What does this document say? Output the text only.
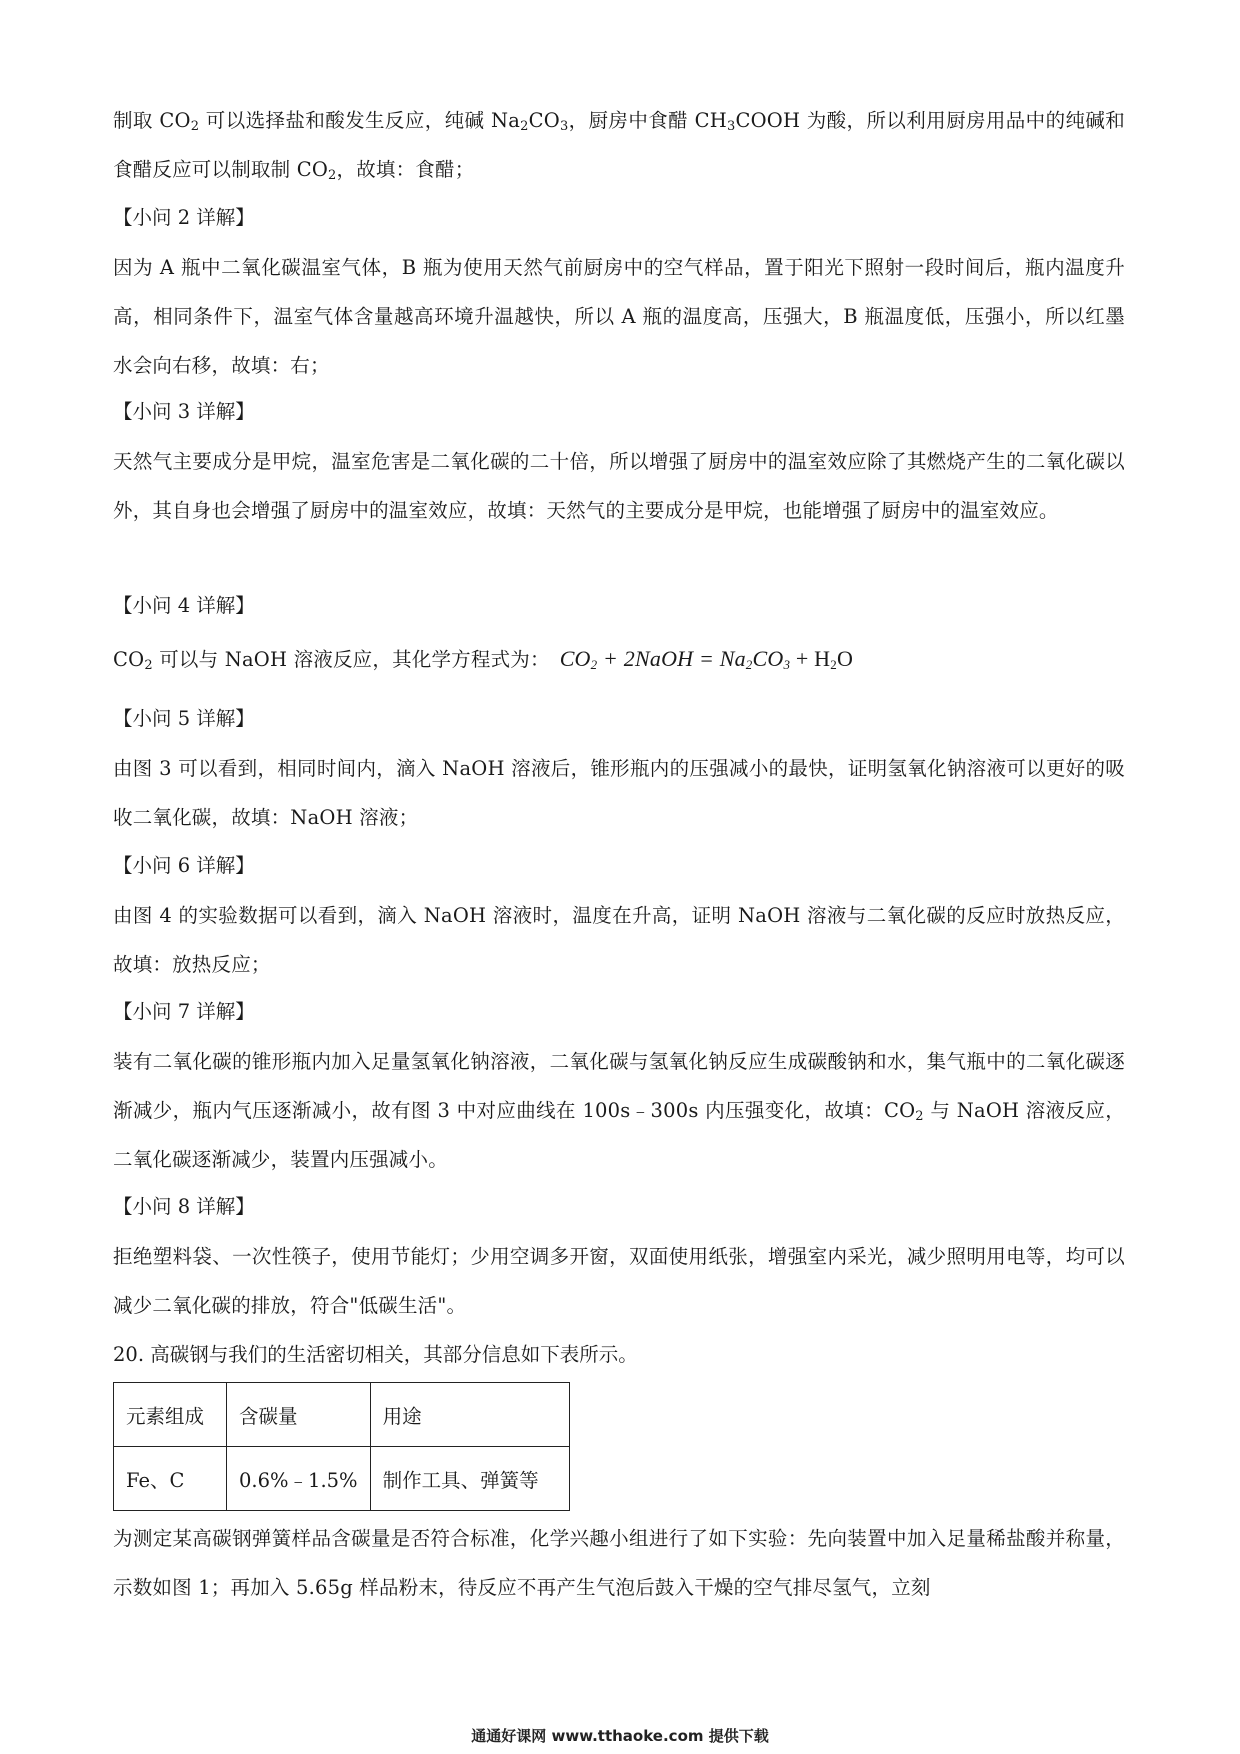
制取 $CO_2$ 可以选择盐和酸发生反应，纯碱 $Na_2CO_3$，厨房中食醋 $CH_3COOH$ 为酸，所以利用厨房用品中的纯碱和食醋反应可以制取制 $CO_2$，故填：食醋；

【小问 2 详解】

因为 A 瓶中二氧化碳温室气体，B 瓶为使用天然气前厨房中的空气样品，置于阳光下照射一段时间后，瓶内温度升高，相同条件下，温室气体含量越高环境升温越快，所以 A 瓶的温度高，压强大，B 瓶温度低，压强小，所以红墨水会向右移，故填：右；

【小问 3 详解】

天然气主要成分是甲烷，温室危害是二氧化碳的二十倍，所以增强了厨房中的温室效应除了其燃烧产生的二氧化碳以外，其自身也会增强了厨房中的温室效应，故填：天然气的主要成分是甲烷，也能增强了厨房中的温室效应。

【小问 4 详解】

$CO_2$ 可以与 NaOH 溶液反应，其化学方程式为： $CO_2$ + 2NaOH = $Na_2CO_3 + H_2O$

【小问 5 详解】

由图 3 可以看到，相同时间内，滴入 NaOH 溶液后，锥形瓶内的压强减小的最快，证明氢氧化钠溶液可以更好的吸收二氧化碳，故填：NaOH 溶液；

【小问 6 详解】

由图 4 的实验数据可以看到，滴入 NaOH 溶液时，温度在升高，证明 NaOH 溶液与二氧化碳的反应时放热反应，故填：放热反应；

【小问 7 详解】

装有二氧化碳的锥形瓶内加入足量氢氧化钠溶液，二氧化碳与氢氧化钠反应生成碳酸钠和水，集气瓶中的二氧化碳逐渐减少，瓶内气压逐渐减小，故有图 3 中对应曲线在 100s﹣300s 内压强变化，故填：$CO_2$ 与 NaOH 溶液反应，二氧化碳逐渐减少，装置内压强减小。

【小问 8 详解】

拒绝塑料袋、一次性筷子，使用节能灯；少用空调多开窗，双面使用纸张，增强室内采光，减少照明用电等，均可以减少二氧化碳的排放，符合"低碳生活"。

20. 高碳钢与我们的生活密切相关，其部分信息如下表所示。

元素组成	含碳量	用途
Fe、C	0.6%﹣1.5%	制作工具、弹簧等

为测定某高碳钢弹簧样品含碳量是否符合标准，化学兴趣小组进行了如下实验：先向装置中加入足量稀盐酸并称量，示数如图 1；再加入 5.65g 样品粉末，待反应不再产生气泡后鼓入干燥的空气排尽氢气，立刻

通通好课网 www.tthaoke.com 提供下载
